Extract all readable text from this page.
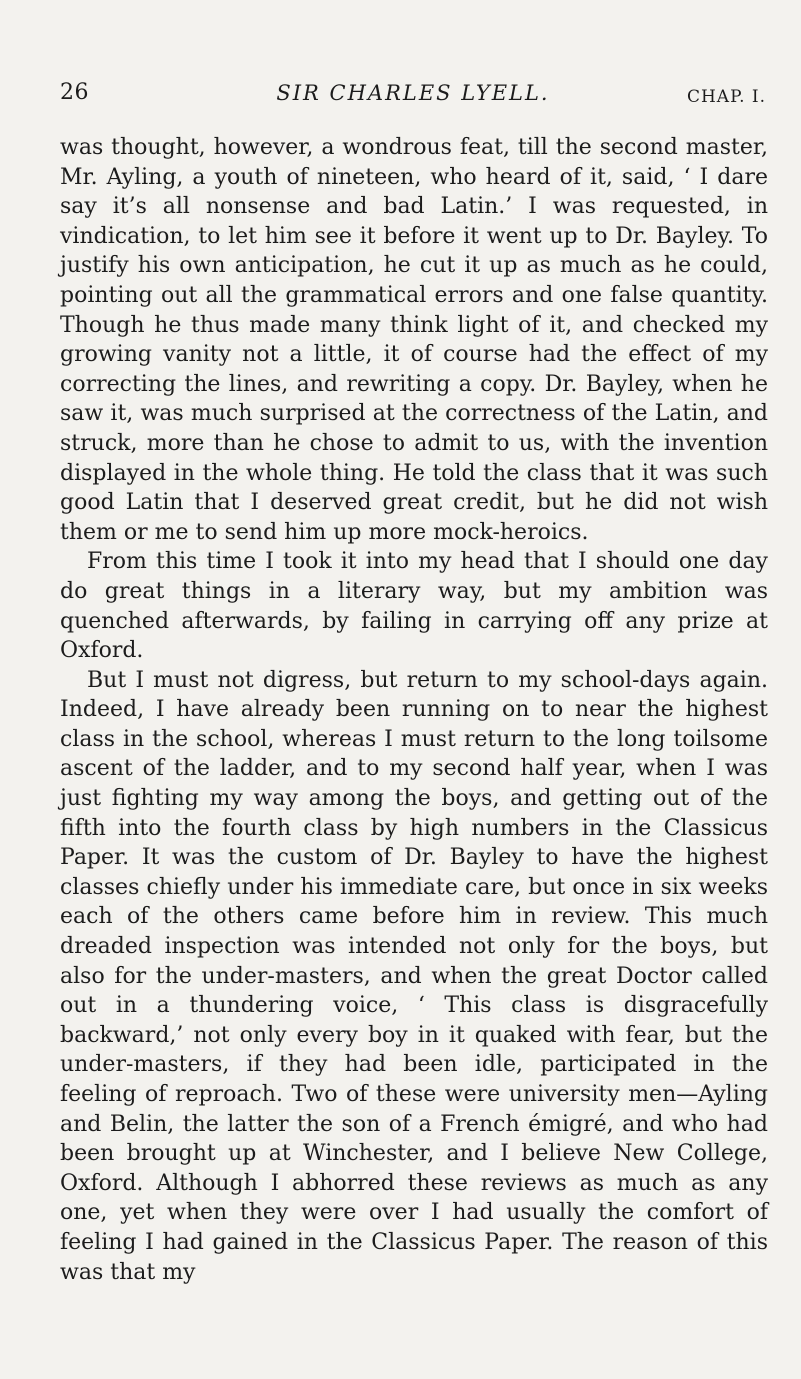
26	SIR CHARLES LYELL.	CHAP. I.

was thought, however, a wondrous feat, till the second master, Mr. Ayling, a youth of nineteen, who heard of it, said, ‘ I dare say it’s all nonsense and bad Latin.’ I was requested, in vindication, to let him see it before it went up to Dr. Bayley. To justify his own anticipation, he cut it up as much as he could, pointing out all the grammatical errors and one false quantity. Though he thus made many think light of it, and checked my growing vanity not a little, it of course had the effect of my correcting the lines, and rewriting a copy. Dr. Bayley, when he saw it, was much surprised at the correctness of the Latin, and struck, more than he chose to admit to us, with the invention displayed in the whole thing. He told the class that it was such good Latin that I deserved great credit, but he did not wish them or me to send him up more mock-heroics.

From this time I took it into my head that I should one day do great things in a literary way, but my ambition was quenched afterwards, by failing in carrying off any prize at Oxford.

But I must not digress, but return to my school-days again. Indeed, I have already been running on to near the highest class in the school, whereas I must return to the long toilsome ascent of the ladder, and to my second half year, when I was just fighting my way among the boys, and getting out of the fifth into the fourth class by high numbers in the Classicus Paper. It was the custom of Dr. Bayley to have the highest classes chiefly under his immediate care, but once in six weeks each of the others came before him in review. This much dreaded inspection was intended not only for the boys, but also for the under-masters, and when the great Doctor called out in a thundering voice, ‘ This class is disgracefully backward,’ not only every boy in it quaked with fear, but the under-masters, if they had been idle, participated in the feeling of reproach. Two of these were university men—Ayling and Belin, the latter the son of a French émigré, and who had been brought up at Winchester, and I believe New College, Oxford. Although I abhorred these reviews as much as any one, yet when they were over I had usually the comfort of feeling I had gained in the Classicus Paper. The reason of this was that my
